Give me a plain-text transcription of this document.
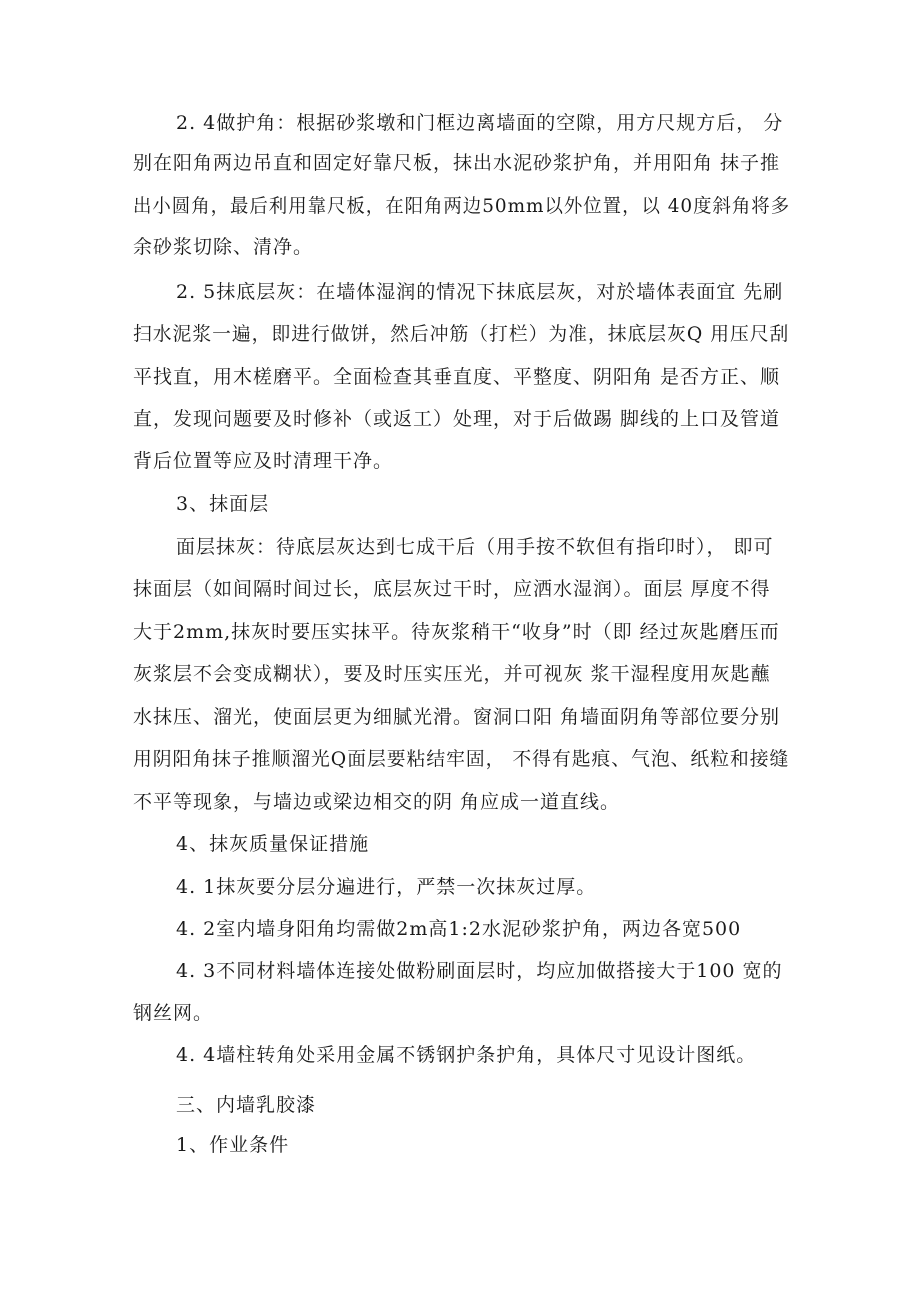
2. 4做护角：根据砂浆墩和门框边离墙面的空隙，用方尺规方后， 分
别在阳角两边吊直和固定好靠尺板，抹出水泥砂浆护角，并用阳角 抹子推
出小圆角，最后利用靠尺板，在阳角两边50mm以外位置，以 40度斜角将多
余砂浆切除、清净。
2. 5抹底层灰：在墙体湿润的情况下抹底层灰，对於墙体表面宜 先刷
扫水泥浆一遍，即进行做饼，然后冲筋（打栏）为准，抹底层灰Q 用压尺刮
平找直，用木槎磨平。全面检查其垂直度、平整度、阴阳角 是否方正、顺
直，发现问题要及时修补（或返工）处理，对于后做踢 脚线的上口及管道
背后位置等应及时清理干净。
3、抹面层
面层抹灰：待底层灰达到七成干后（用手按不软但有指印时）， 即可
抹面层（如间隔时间过长，底层灰过干时，应洒水湿润）。面层 厚度不得
大于2mm,抹灰时要压实抹平。待灰浆稍干“收身”时（即 经过灰匙磨压而
灰浆层不会变成糊状），要及时压实压光，并可视灰 浆干湿程度用灰匙蘸
水抹压、溜光，使面层更为细腻光滑。窗洞口阳 角墙面阴角等部位要分别
用阴阳角抹子推顺溜光Q面层要粘结牢固， 不得有匙痕、气泡、纸粒和接缝
不平等现象，与墙边或梁边相交的阴 角应成一道直线。
4、抹灰质量保证措施
4. 1抹灰要分层分遍进行，严禁一次抹灰过厚。
4. 2室内墙身阳角均需做2m高1:2水泥砂浆护角，两边各宽500
4. 3不同材料墙体连接处做粉刷面层时，均应加做搭接大于100 宽的
钢丝网。
4. 4墙柱转角处采用金属不锈钢护条护角，具体尺寸见设计图纸。
三、内墙乳胶漆
1、作业条件
